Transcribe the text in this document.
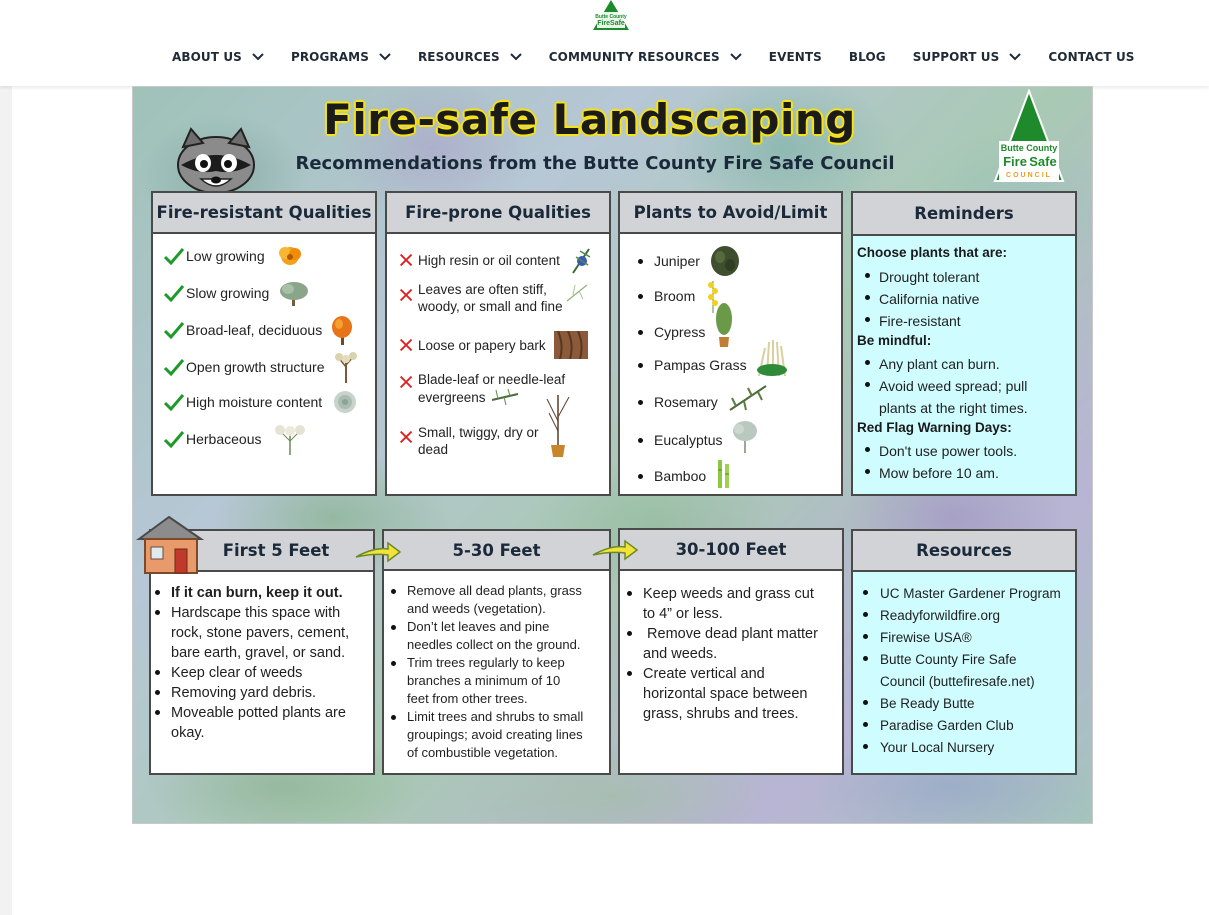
Butte County
FireSafe
ABOUT US	PROGRAMS	RESOURCES	COMMUNITY RESOURCES	EVENTS BLOG SUPPORT US	CONTACT US
Fire-safe Landscaping
Recommendations from the Butte County Fire Safe Council
Butte County
Fire Safe
COUNCIL
Fire-resistant Qualities
Low growing
Slow growing
Broad-leaf, deciduous
Open growth structure
High moisture content
Herbaceous
Fire-prone Qualities
High resin or oil content
Leaves are often stiff,
woody, or small and fine
Loose or papery bark
Blade-leaf or needle-leaf
evergreens
Small, twiggy, dry or
dead
Plants to Avoid/Limit
Juniper
Broom
Cypress
Pampas Grass
Rosemary
Eucalyptus
Bamboo
Reminders
Choose plants that are:
Drought tolerant
California native
Fire-resistant
Be mindful:
Any plant can burn.
Avoid weed spread; pull
plants at the right times.
Red Flag Warning Days:
Don't use power tools.
Mow before 10 am.
First 5 Feet
If it can burn, keep it out.
Hardscape this space with
rock, stone pavers, cement,
bare earth, gravel, or sand.
Keep clear of weeds
Removing yard debris.
Moveable potted plants are
okay.
5-30 Feet
Remove all dead plants, grass
and weeds (vegetation).
Don’t let leaves and pine
needles collect on the ground.
Trim trees regularly to keep
branches a minimum of 10
feet from other trees.
Limit trees and shrubs to small
groupings; avoid creating lines
of combustible vegetation.
30-100 Feet
Keep weeds and grass cut
to 4” or less.
Remove dead plant matter
and weeds.
Create vertical and
horizontal space between
grass, shrubs and trees.
Resources
UC Master Gardener Program
Readyforwildfire.org
Firewise USA®
Butte County Fire Safe
Council (buttefiresafe.net)
Be Ready Butte
Paradise Garden Club
Your Local Nursery
